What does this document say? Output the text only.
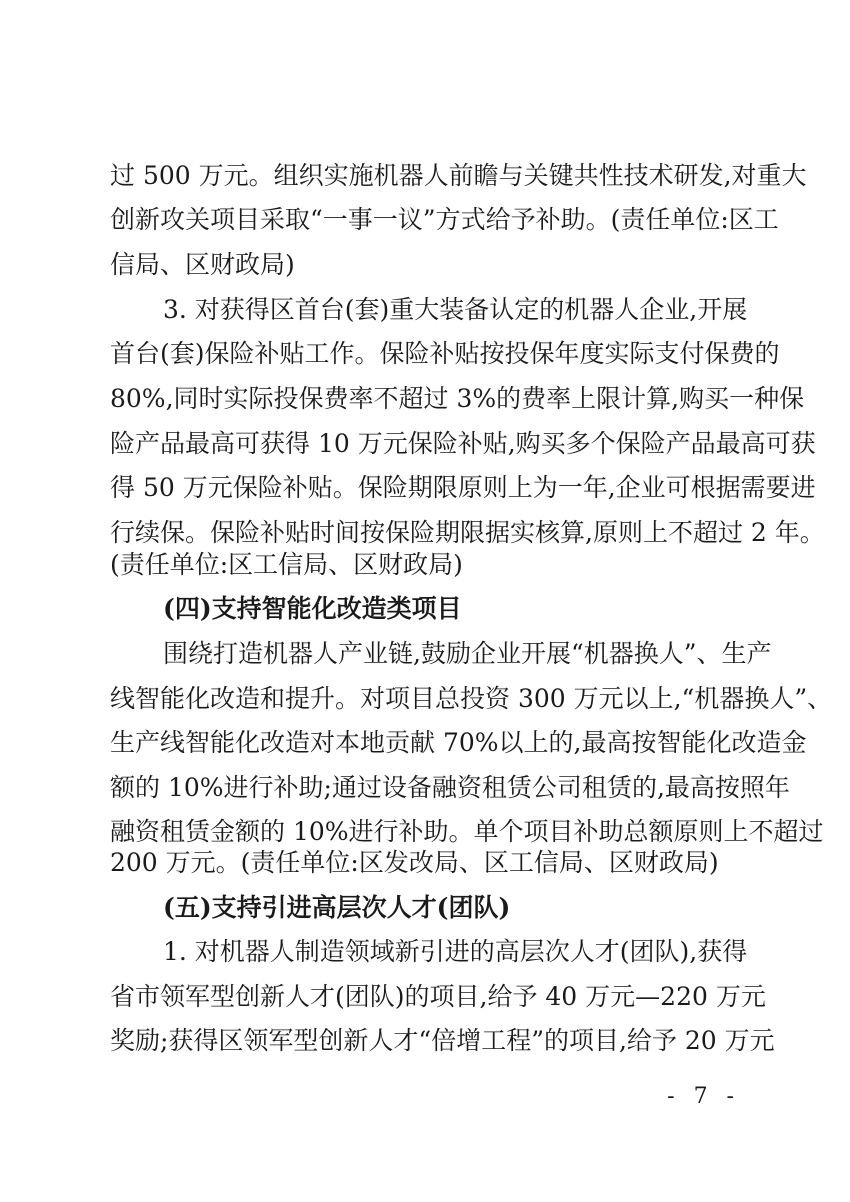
过 500 万元。组织实施机器人前瞻与关键共性技术研发,对重大
创新攻关项目采取“一事一议”方式给予补助。(责任单位:区工
信局、区财政局)
3. 对获得区首台(套)重大装备认定的机器人企业,开展
首台(套)保险补贴工作。保险补贴按投保年度实际支付保费的
80%,同时实际投保费率不超过 3%的费率上限计算,购买一种保
险产品最高可获得 10 万元保险补贴,购买多个保险产品最高可获
得 50 万元保险补贴。保险期限原则上为一年,企业可根据需要进
行续保。保险补贴时间按保险期限据实核算,原则上不超过 2 年。
(责任单位:区工信局、区财政局)
(四)支持智能化改造类项目
围绕打造机器人产业链,鼓励企业开展“机器换人”、生产
线智能化改造和提升。对项目总投资 300 万元以上,“机器换人”、
生产线智能化改造对本地贡献 70%以上的,最高按智能化改造金
额的 10%进行补助;通过设备融资租赁公司租赁的,最高按照年
融资租赁金额的 10%进行补助。单个项目补助总额原则上不超过
200 万元。(责任单位:区发改局、区工信局、区财政局)
(五)支持引进高层次人才(团队)
1. 对机器人制造领域新引进的高层次人才(团队),获得
省市领军型创新人才(团队)的项目,给予 40 万元—220 万元
奖励;获得区领军型创新人才“倍增工程”的项目,给予 20 万元
- 7 -
